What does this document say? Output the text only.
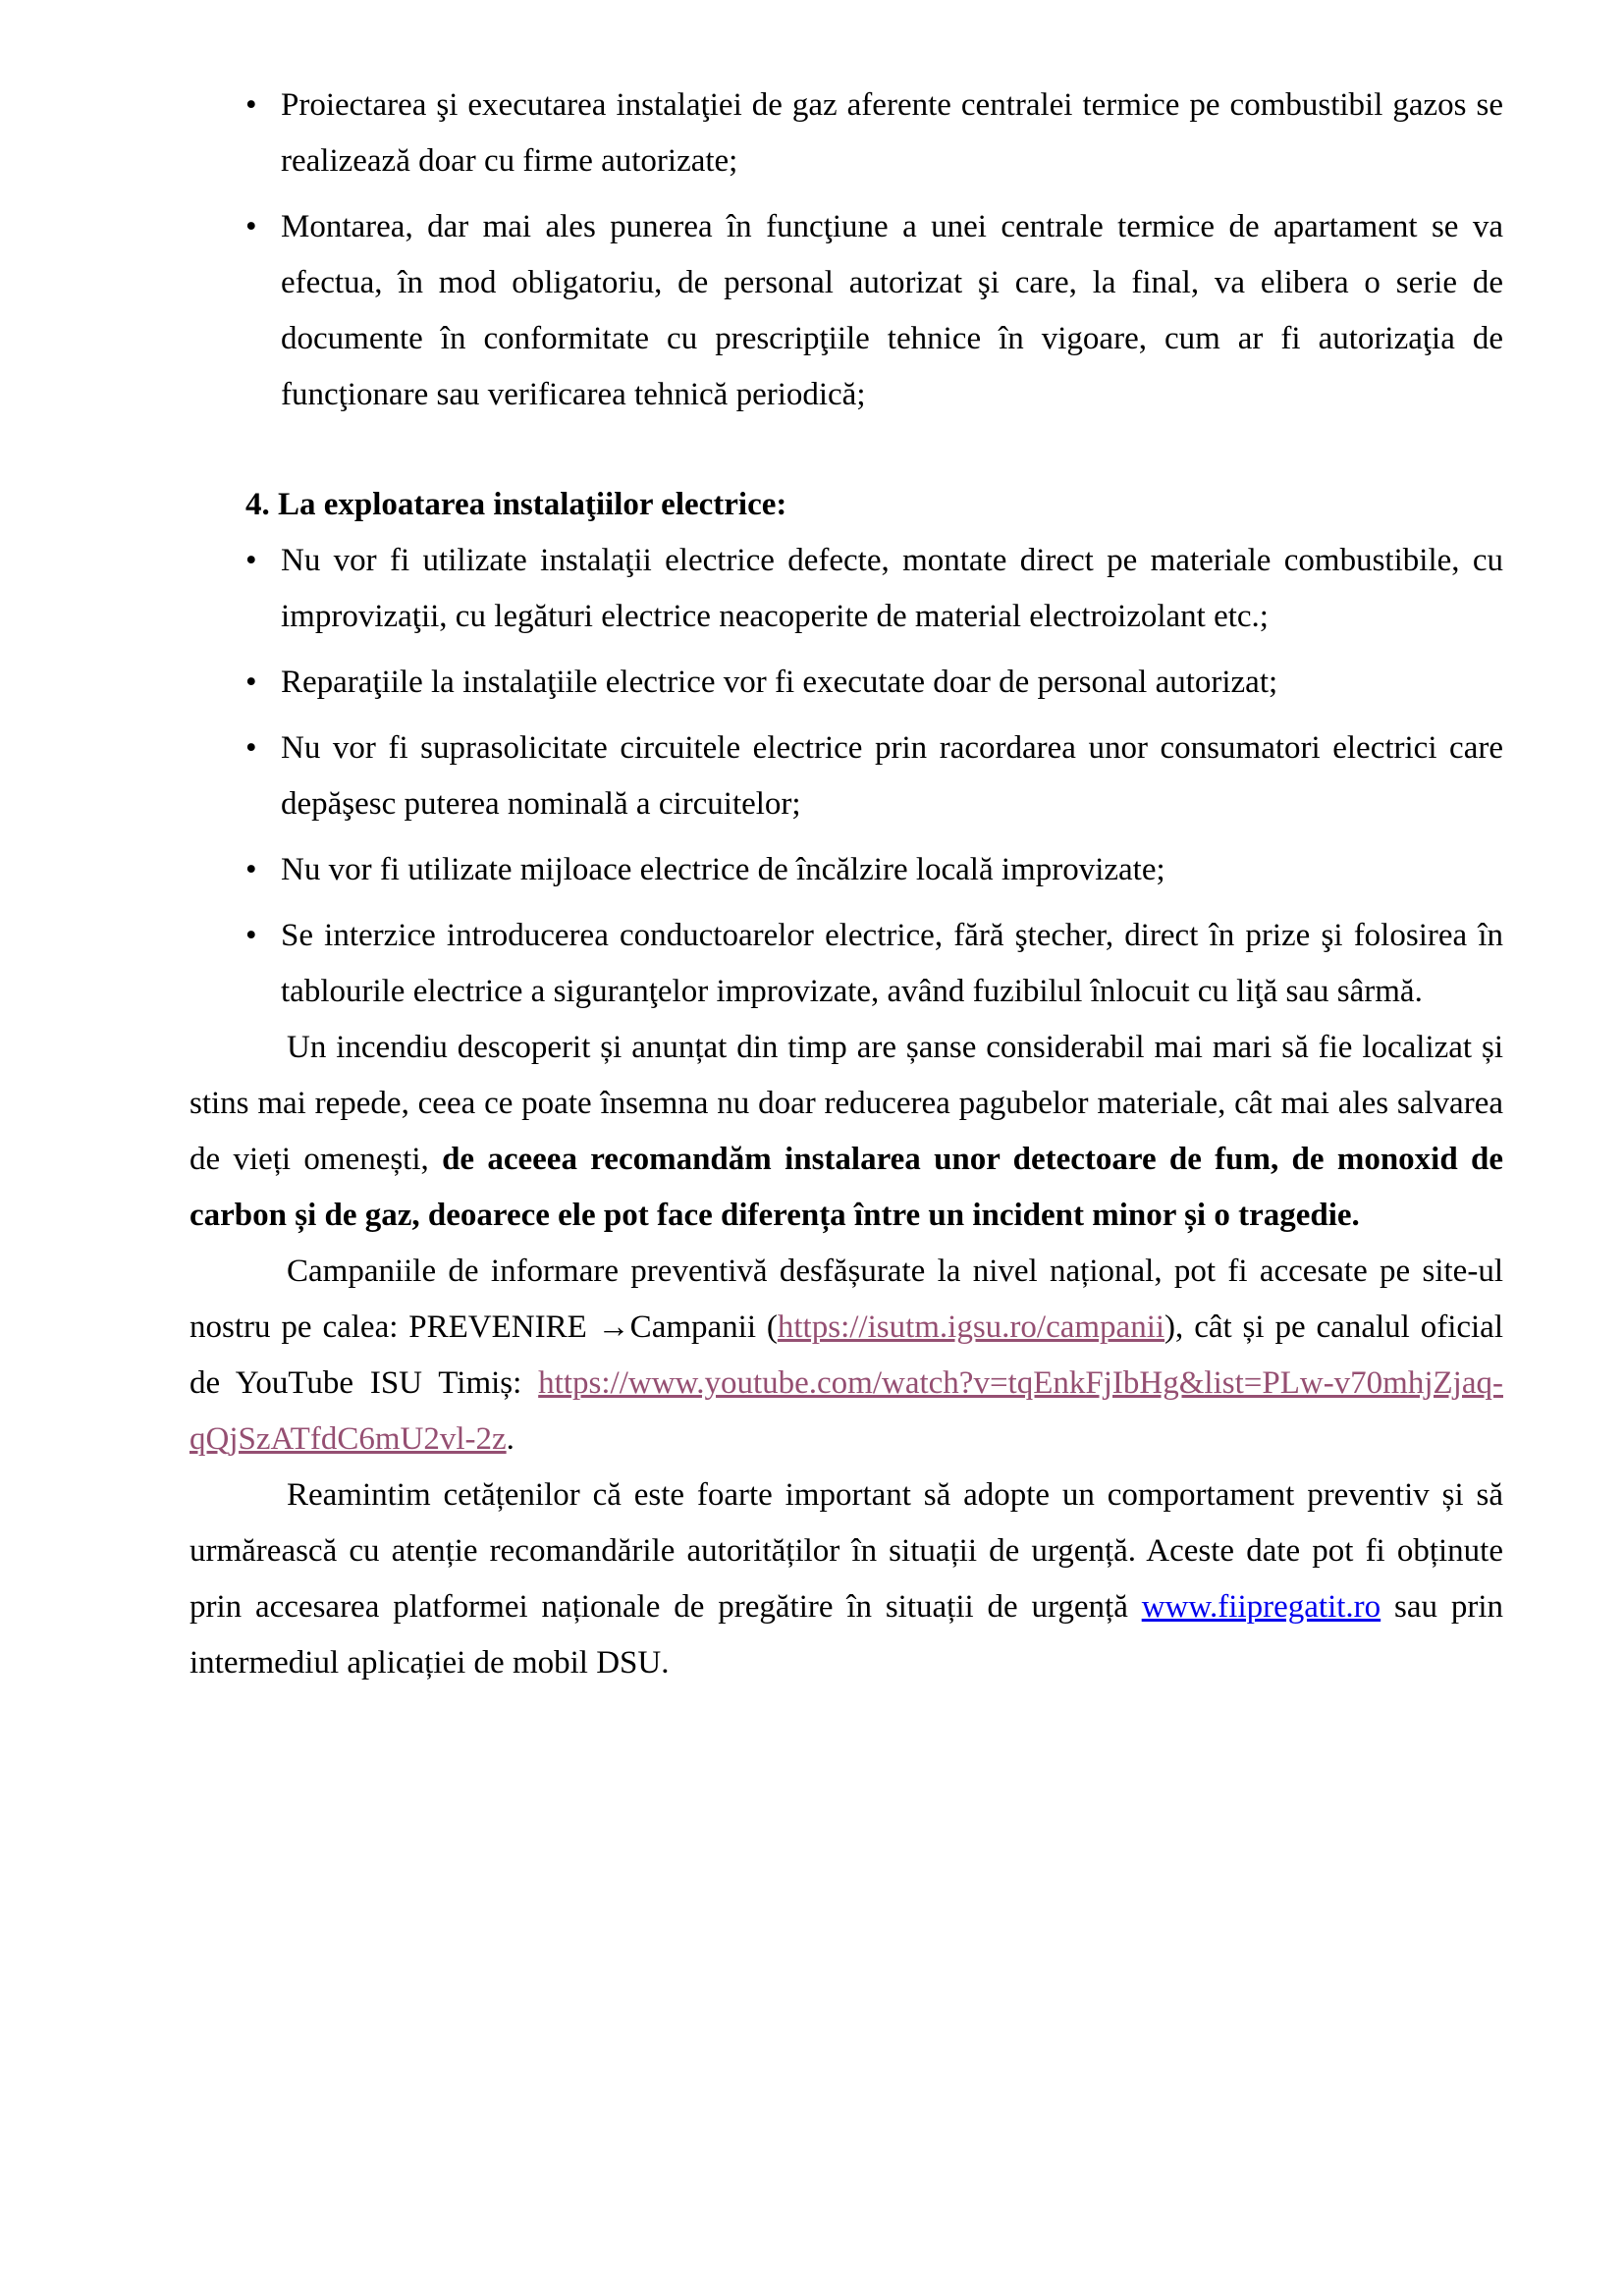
• Proiectarea şi executarea instalaţiei de gaz aferente centralei termice pe combustibil gazos se realizează doar cu firme autorizate;
• Montarea, dar mai ales punerea în funcţiune a unei centrale termice de apartament se va efectua, în mod obligatoriu, de personal autorizat şi care, la final, va elibera o serie de documente în conformitate cu prescripţiile tehnice în vigoare, cum ar fi autorizaţia de funcţionare sau verificarea tehnică periodică;
4. La exploatarea instalaţiilor electrice:
• Nu vor fi utilizate instalaţii electrice defecte, montate direct pe materiale combustibile, cu improvizaţii, cu legături electrice neacoperite de material electroizolant etc.;
• Reparaţiile la instalaţiile electrice vor fi executate doar de personal autorizat;
• Nu vor fi suprasolicitate circuitele electrice prin racordarea unor consumatori electrici care depăşesc puterea nominală a circuitelor;
• Nu vor fi utilizate mijloace electrice de încălzire locală improvizate;
• Se interzice introducerea conductoarelor electrice, fără ştecher, direct în prize şi folosirea în tablourile electrice a siguranţelor improvizate, având fuzibilul înlocuit cu liţă sau sârmă.

Un incendiu descoperit și anunțat din timp are șanse considerabil mai mari să fie localizat și stins mai repede, ceea ce poate însemna nu doar reducerea pagubelor materiale, cât mai ales salvarea de vieți omenești, de aceeea recomandăm instalarea unor detectoare de fum, de monoxid de carbon și de gaz, deoarece ele pot face diferența între un incident minor și o tragedie.

Campaniile de informare preventivă desfășurate la nivel național, pot fi accesate pe site-ul nostru pe calea: PREVENIRE →Campanii (https://isutm.igsu.ro/campanii), cât și pe canalul oficial de YouTube ISU Timiș: https://www.youtube.com/watch?v=tqEnkFjIbHg&list=PLw-v70mhjZjaq-qQjSzATfdC6mU2vl-2z.

Reamintim cetățenilor că este foarte important să adopte un comportament preventiv și să urmărească cu atenție recomandările autorităților în situații de urgență. Aceste date pot fi obținute prin accesarea platformei naționale de pregătire în situații de urgență www.fiipregatit.ro sau prin intermediul aplicației de mobil DSU.
